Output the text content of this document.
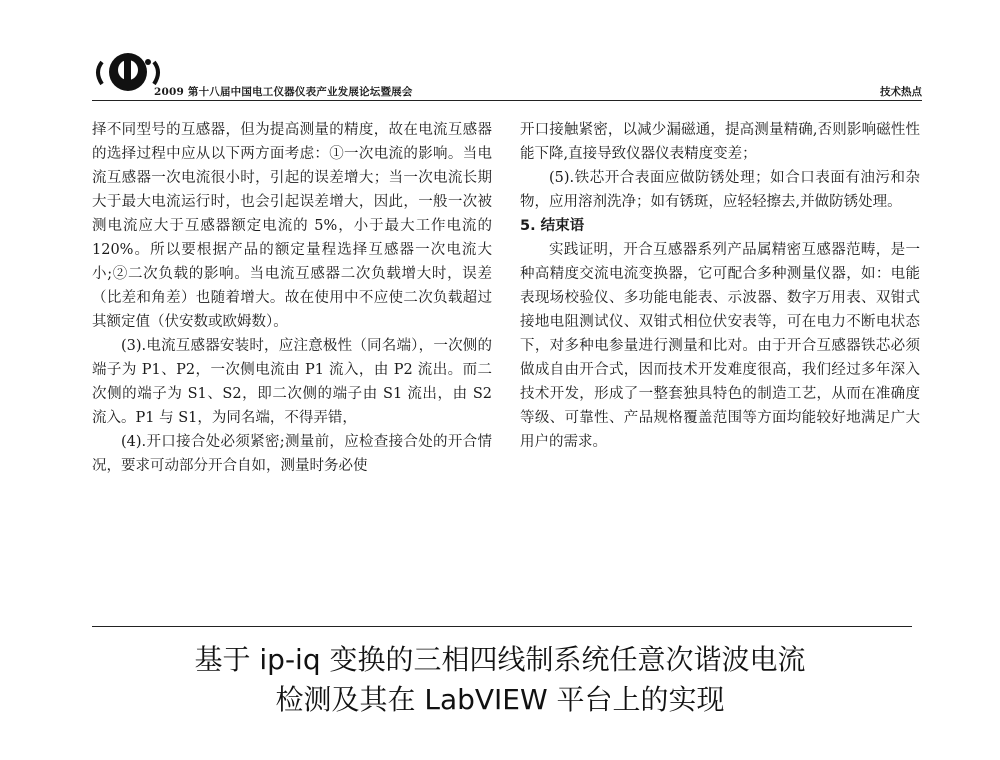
2009 第十八届中国电工仪器仪表产业发展论坛暨展会	技术热点

择不同型号的互感器，但为提高测量的精度，故在电流互感器的选择过程中应从以下两方面考虑：①一次电流的影响。当电流互感器一次电流很小时，引起的误差增大；当一次电流长期大于最大电流运行时，也会引起误差增大，因此，一般一次被测电流应大于互感器额定电流的 5%，小于最大工作电流的 120%。所以要根据产品的额定量程选择互感器一次电流大小;②二次负载的影响。当电流互感器二次负载增大时，误差（比差和角差）也随着增大。故在使用中不应使二次负载超过其额定值（伏安数或欧姆数）。

(3).电流互感器安装时，应注意极性（同名端），一次侧的端子为 P1、P2，一次侧电流由 P1 流入，由 P2 流出。而二次侧的端子为 S1、S2，即二次侧的端子由 S1 流出，由 S2 流入。P1 与 S1，为同名端，不得弄错，

(4).开口接合处必须紧密;测量前，应检查接合处的开合情况，要求可动部分开合自如，测量时务必使

开口接触紧密，以减少漏磁通，提高测量精确,否则影响磁性性能下降,直接导致仪器仪表精度变差；

(5).铁芯开合表面应做防锈处理；如合口表面有油污和杂物，应用溶剂洗净；如有锈斑，应轻轻擦去,并做防锈处理。

5. 结束语

实践证明，开合互感器系列产品属精密互感器范畴，是一种高精度交流电流变换器，它可配合多种测量仪器，如：电能表现场校验仪、多功能电能表、示波器、数字万用表、双钳式接地电阻测试仪、双钳式相位伏安表等，可在电力不断电状态下，对多种电参量进行测量和比对。由于开合互感器铁芯必须做成自由开合式，因而技术开发难度很高，我们经过多年深入技术开发，形成了一整套独具特色的制造工艺，从而在准确度等级、可靠性、产品规格覆盖范围等方面均能较好地满足广大用户的需求。

基于 ip-iq 变换的三相四线制系统任意次谐波电流
检测及其在 LabVIEW 平台上的实现
